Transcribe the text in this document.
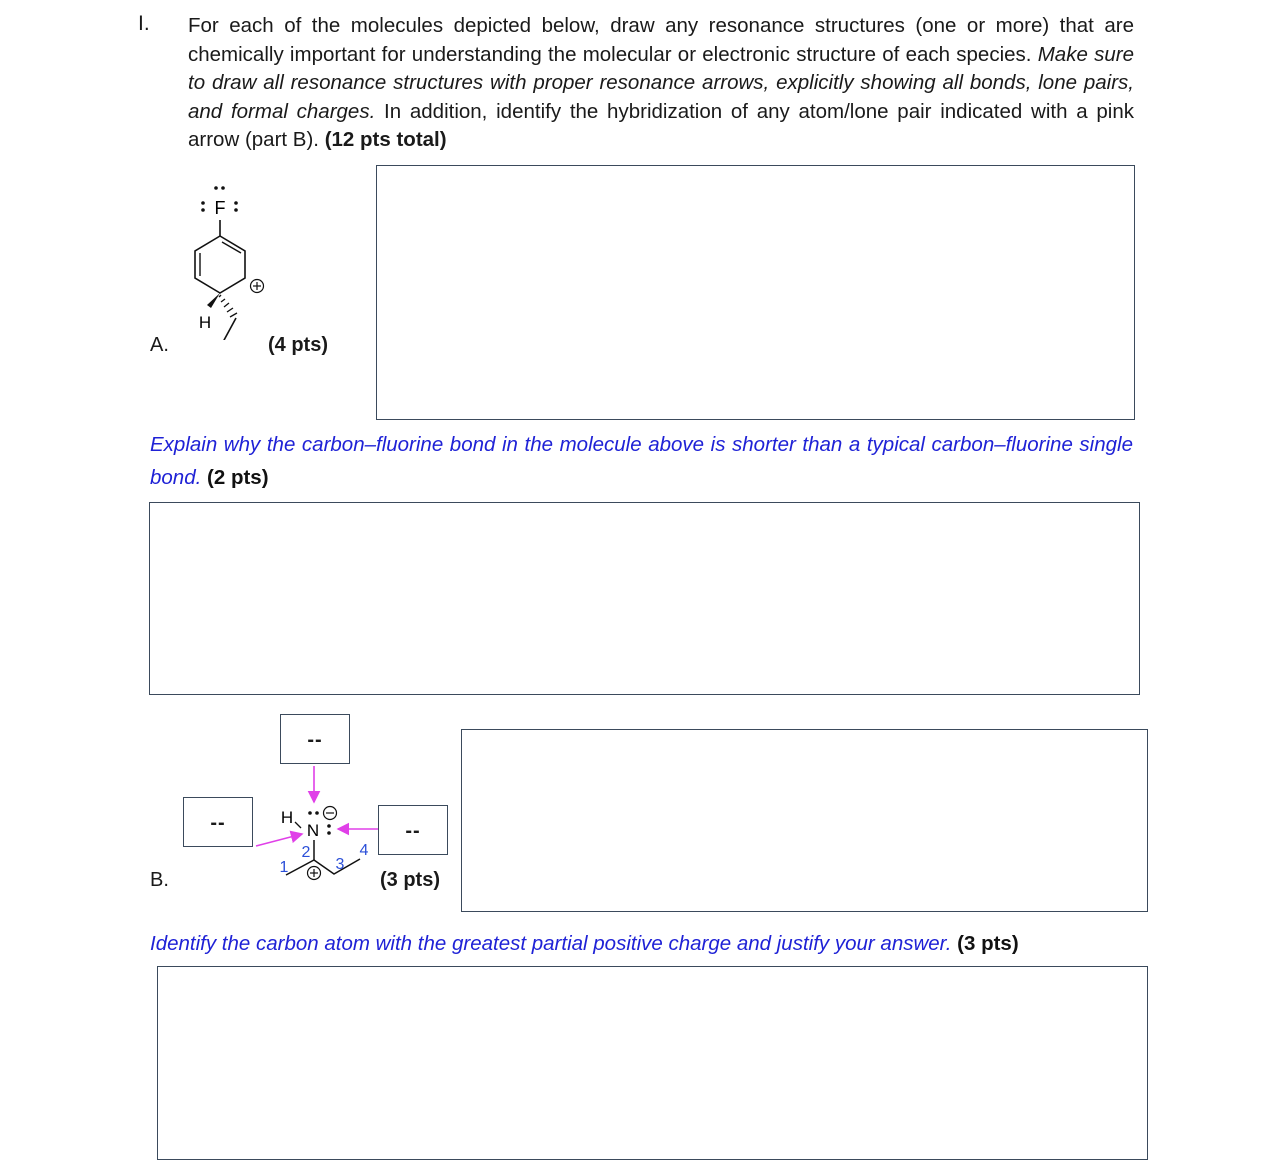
I. For each of the molecules depicted below, draw any resonance structures (one or more) that are chemically important for understanding the molecular or electronic structure of each species. Make sure to draw all resonance structures with proper resonance arrows, explicitly showing all bonds, lone pairs, and formal charges. In addition, identify the hybridization of any atom/lone pair indicated with a pink arrow (part B). (12 pts total)
F
H
A.	(4 pts)
Explain why the carbon–fluorine bond in the molecule above is shorter than a typical carbon–fluorine single bond. (2 pts)
--
--	--
H
N
1
2
3
4
B.	(3 pts)
Identify the carbon atom with the greatest partial positive charge and justify your answer. (3 pts)
